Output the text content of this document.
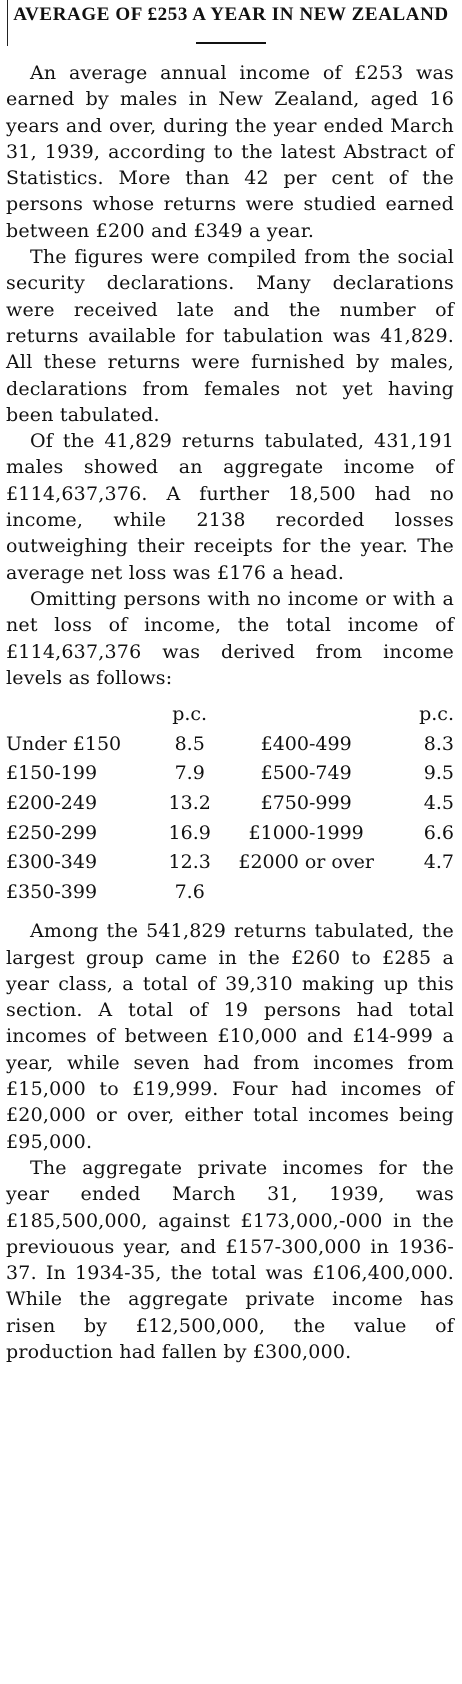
AVERAGE OF £253 A YEAR IN NEW ZEALAND

An average annual income of £253 was earned by males in New Zealand, aged 16 years and over, during the year ended March 31, 1939, according to the latest Abstract of Statistics. More than 42 per cent of the persons whose returns were studied earned between £200 and £349 a year.

The figures were compiled from the social security declarations. Many declarations were received late and the number of returns available for tabulation was 41,829. All these returns were furnished by males, declarations from females not yet having been tabulated.

Of the 41,829 returns tabulated, 431,191 males showed an aggregate income of £114,637,376. A further 18,500 had no income, while 2138 recorded losses outweighing their receipts for the year. The average net loss was £176 a head.

Omitting persons with no income or with a net loss of income, the total income of £114,637,376 was derived from income levels as follows:

	p.c.		p.c.
Under £150	8.5	£400-499	8.3
£150-199	7.9	£500-749	9.5
£200-249	13.2	£750-999	4.5
£250-299	16.9	£1000-1999	6.6
£300-349	12.3	£2000 or over	4.7
£350-399	7.6		

Among the 541,829 returns tabulated, the largest group came in the £260 to £285 a year class, a total of 39,310 making up this section. A total of 19 persons had total incomes of between £10,000 and £14-999 a year, while seven had from incomes from £15,000 to £19,999. Four had incomes of £20,000 or over, either total incomes being £95,000.

The aggregate private incomes for the year ended March 31, 1939, was £185,500,000, against £173,000,-000 in the previouous year, and £157-300,000 in 1936-37. In 1934-35, the total was £106,400,000. While the aggregate private income has risen by £12,500,000, the value of production had fallen by £300,000.
